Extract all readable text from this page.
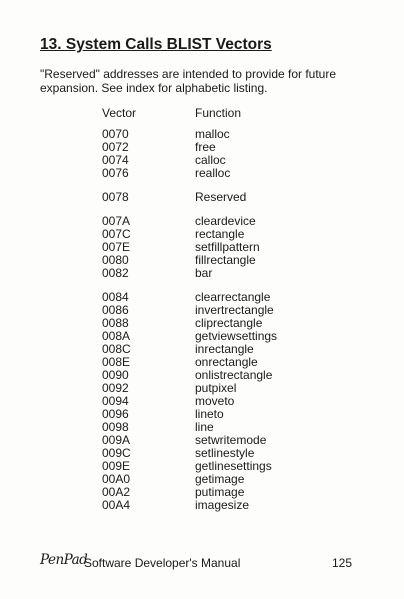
13. System Calls BLIST Vectors
"Reserved" addresses are intended to provide for future expansion. See index for alphabetic listing.
Vector	Function
0070	malloc
0072	free
0074	calloc
0076	realloc
0078	Reserved
007A	cleardevice
007C	rectangle
007E	setfillpattern
0080	fillrectangle
0082	bar
0084	clearrectangle
0086	invertrectangle
0088	cliprectangle
008A	getviewsettings
008C	inrectangle
008E	onrectangle
0090	onlistrectangle
0092	putpixel
0094	moveto
0096	lineto
0098	line
009A	setwritemode
009C	setlinestyle
009E	getlinesettings
00A0	getimage
00A2	putimage
00A4	imagesize
PenPad
Software Developer's Manual	125
